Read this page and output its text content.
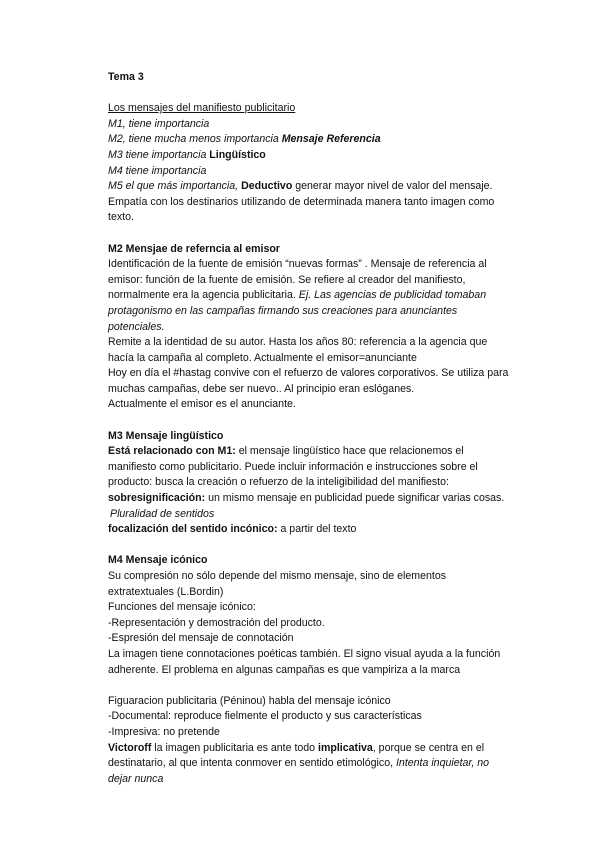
Tema 3

Los mensajes del manifiesto publicitario

M1, tiene importancia

M2, tiene mucha menos importancia Mensaje Referencia

M3 tiene importancia Lingüístico

M4 tiene importancia

M5 el que más importancia, Deductivo generar mayor nivel de valor del mensaje.

Empatía con los destinarios utilizando de determinada manera tanto imagen como

texto.

M2 Mensjae de referncia al emisor

Identificación de la fuente de emisión “nuevas formas” . Mensaje de referencia al

emisor: función de la fuente de emisión. Se refiere al creador del manifiesto,

normalmente era la agencia publicitaria. Ej. Las agencias de publicidad tomaban

protagonismo en las campañas firmando sus creaciones para anunciantes

potenciales.

Remite a la identidad de su autor. Hasta los años 80: referencia a la agencia que

hacía la campaña al completo. Actualmente el emisor=anunciante

Hoy en día el #hastag convive con el refuerzo de valores corporativos. Se utiliza para

muchas campañas, debe ser nuevo.. Al principio eran eslóganes.

Actualmente el emisor es el anunciante.

M3 Mensaje lingüístico

Está relacionado con M1: el mensaje lingüístico hace que relacionemos el

manifiesto como publicitario. Puede incluir información e instrucciones sobre el

producto: busca la creación o refuerzo de la inteligibilidad del manifiesto:

sobresignificación: un mismo mensaje en publicidad puede significar varias cosas.

Pluralidad de sentidos

focalización del sentido incónico: a partir del texto

M4 Mensaje icónico

Su compresión no sólo depende del mismo mensaje, sino de elementos

extratextuales (L.Bordin)

Funciones del mensaje icónico:

-Representación y demostración del producto.

-Espresión del mensaje de connotación

La imagen tiene connotaciones poéticas también. El signo visual ayuda a la función

adherente. El problema en algunas campañas es que vampiriza a la marca

Figuaracion publicitaria (Péninou) habla del mensaje icónico

-Documental: reproduce fielmente el producto y sus características

-Impresiva: no pretende

Victoroff la imagen publicitaria es ante todo implicativa, porque se centra en el

destinatario, al que intenta conmover en sentido etimológico, Intenta inquietar, no

dejar nunca
